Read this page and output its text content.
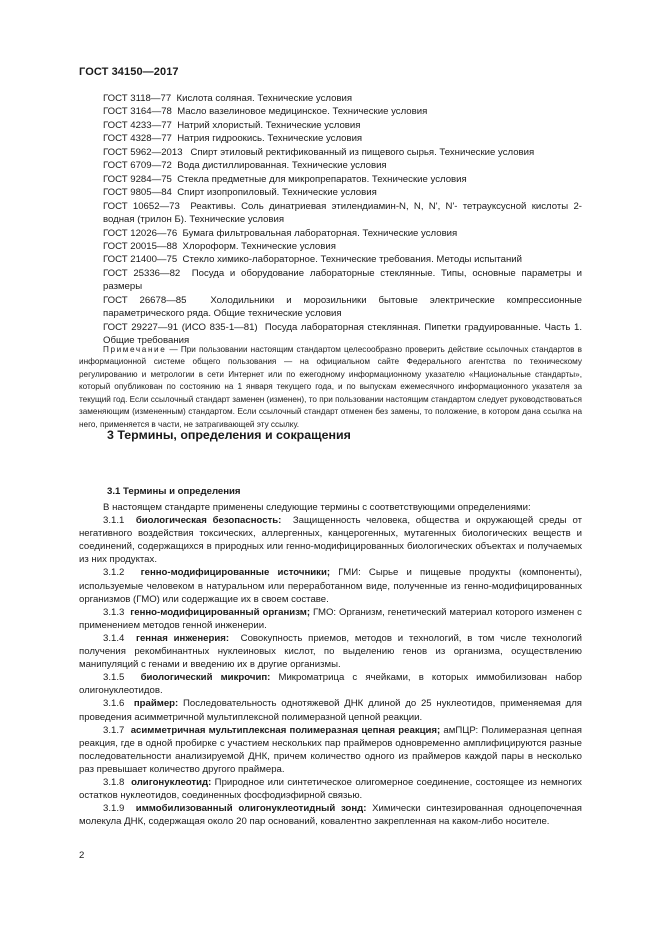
ГОСТ 34150—2017
ГОСТ 3118—77 Кислота соляная. Технические условия
ГОСТ 3164—78 Масло вазелиновое медицинское. Технические условия
ГОСТ 4233—77 Натрий хлористый. Технические условия
ГОСТ 4328—77 Натрия гидроокись. Технические условия
ГОСТ 5962—2013 Спирт этиловый ректификованный из пищевого сырья. Технические условия
ГОСТ 6709—72 Вода дистиллированная. Технические условия
ГОСТ 9284—75 Стекла предметные для микропрепаратов. Технические условия
ГОСТ 9805—84 Спирт изопропиловый. Технические условия
ГОСТ 10652—73 Реактивы. Соль динатриевая этилендиамин-N, N, N', N'- тетрауксусной кислоты 2-водная (трилон Б). Технические условия
ГОСТ 12026—76 Бумага фильтровальная лабораторная. Технические условия
ГОСТ 20015—88 Хлороформ. Технические условия
ГОСТ 21400—75 Стекло химико-лабораторное. Технические требования. Методы испытаний
ГОСТ 25336—82 Посуда и оборудование лабораторные стеклянные. Типы, основные параметры и размеры
ГОСТ 26678—85 Холодильники и морозильники бытовые электрические компрессионные параметрического ряда. Общие технические условия
ГОСТ 29227—91 (ИСО 835-1—81) Посуда лабораторная стеклянная. Пипетки градуированные. Часть 1. Общие требования

Примечание — При пользовании настоящим стандартом целесообразно проверить действие ссылочных стандартов в информационной системе общего пользования — на официальном сайте Федерального агентства по техническому регулированию и метрологии в сети Интернет или по ежегодному информационному указателю «Национальные стандарты», который опубликован по состоянию на 1 января текущего года, и по выпускам ежемесячного информационного указателя за текущий год. Если ссылочный стандарт заменен (изменен), то при пользовании настоящим стандартом следует руководствоваться заменяющим (измененным) стандартом. Если ссылочный стандарт отменен без замены, то положение, в котором дана ссылка на него, применяется в части, не затрагивающей эту ссылку.

3 Термины, определения и сокращения
3.1 Термины и определения

В настоящем стандарте применены следующие термины с соответствующими определениями:

3.1.1 биологическая безопасность: Защищенность человека, общества и окружающей среды от негативного воздействия токсических, аллергенных, канцерогенных, мутагенных биологических веществ и соединений, содержащихся в природных или генно-модифицированных биологических объектах и получаемых из них продуктах.

3.1.2 генно-модифицированные источники; ГМИ: Сырье и пищевые продукты (компоненты), используемые человеком в натуральном или переработанном виде, полученные из генно-модифицированных организмов (ГМО) или содержащие их в своем составе.

3.1.3 генно-модифицированный организм; ГМО: Организм, генетический материал которого изменен с применением методов генной инженерии.

3.1.4 генная инженерия: Совокупность приемов, методов и технологий, в том числе технологий получения рекомбинантных нуклеиновых кислот, по выделению генов из организма, осуществлению манипуляций с генами и введению их в другие организмы.

3.1.5 биологический микрочип: Микроматрица с ячейками, в которых иммобилизован набор олигонуклеотидов.

3.1.6 праймер: Последовательность однотяжевой ДНК длиной до 25 нуклеотидов, применяемая для проведения асимметричной мультиплексной полимеразной цепной реакции.

3.1.7 асимметричная мультиплексная полимеразная цепная реакция; амПЦР: Полимеразная цепная реакция, где в одной пробирке с участием нескольких пар праймеров одновременно амплифицируются разные последовательности анализируемой ДНК, причем количество одного из праймеров каждой пары в несколько раз превышает количество другого праймера.

3.1.8 олигонуклеотид: Природное или синтетическое олигомерное соединение, состоящее из немногих остатков нуклеотидов, соединенных фосфодиэфирной связью.

3.1.9 иммобилизованный олигонуклеотидный зонд: Химически синтезированная одноцепочечная молекула ДНК, содержащая около 20 пар оснований, ковалентно закрепленная на каком-либо носителе.

2
